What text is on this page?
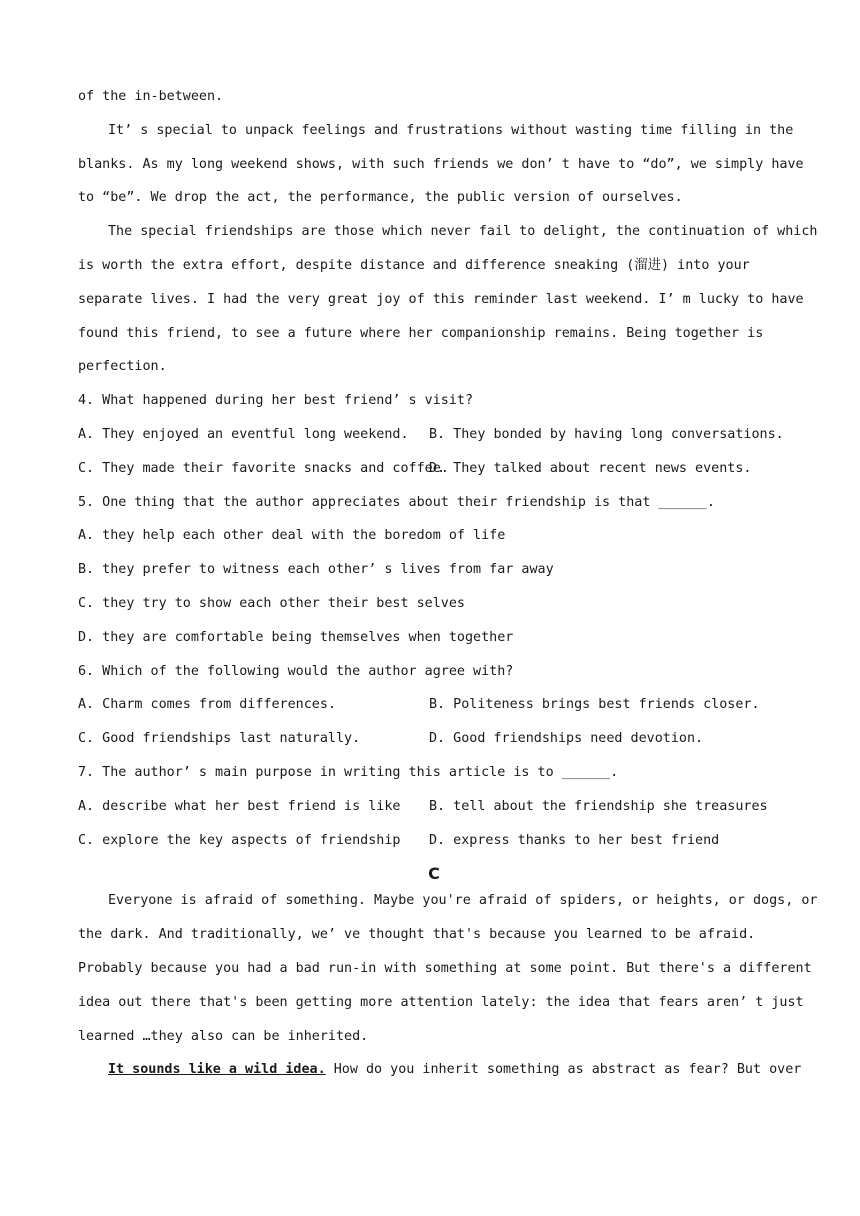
of the in-between.
It’ s special to unpack feelings and frustrations without wasting time filling in the
blanks. As my long weekend shows, with such friends we don’ t have to “do”, we simply have
to “be”. We drop the act, the performance, the public version of ourselves.
The special friendships are those which never fail to delight, the continuation of which
is worth the extra effort, despite distance and difference sneaking (溜进) into your
separate lives. I had the very great joy of this reminder last weekend. I’ m lucky to have
found this friend, to see a future where her companionship remains. Being together is
perfection.
4. What happened during her best friend’ s visit?
A. They enjoyed an eventful long weekend.	B. They bonded by having long conversations.
C. They made their favorite snacks and coffee.
D. They talked about recent news events.
5. One thing that the author appreciates about their friendship is that ______.
A. they help each other deal with the boredom of life
B. they prefer to witness each other’ s lives from far away
C. they try to show each other their best selves
D. they are comfortable being themselves when together
6. Which of the following would the author agree with?
A. Charm comes from differences.	B. Politeness brings best friends closer.
C. Good friendships last naturally.	D. Good friendships need devotion.
7. The author’ s main purpose in writing this article is to ______.
A. describe what her best friend is like	B. tell about the friendship she treasures
C. explore the key aspects of friendship	D. express thanks to her best friend
C
Everyone is afraid of something. Maybe you're afraid of spiders, or heights, or dogs, or
the dark. And traditionally, we’ ve thought that's because you learned to be afraid.
Probably because you had a bad run-in with something at some point. But there's a different
idea out there that's been getting more attention lately: the idea that fears aren’ t just
learned …they also can be inherited.
It sounds like a wild idea. How do you inherit something as abstract as fear? But over
